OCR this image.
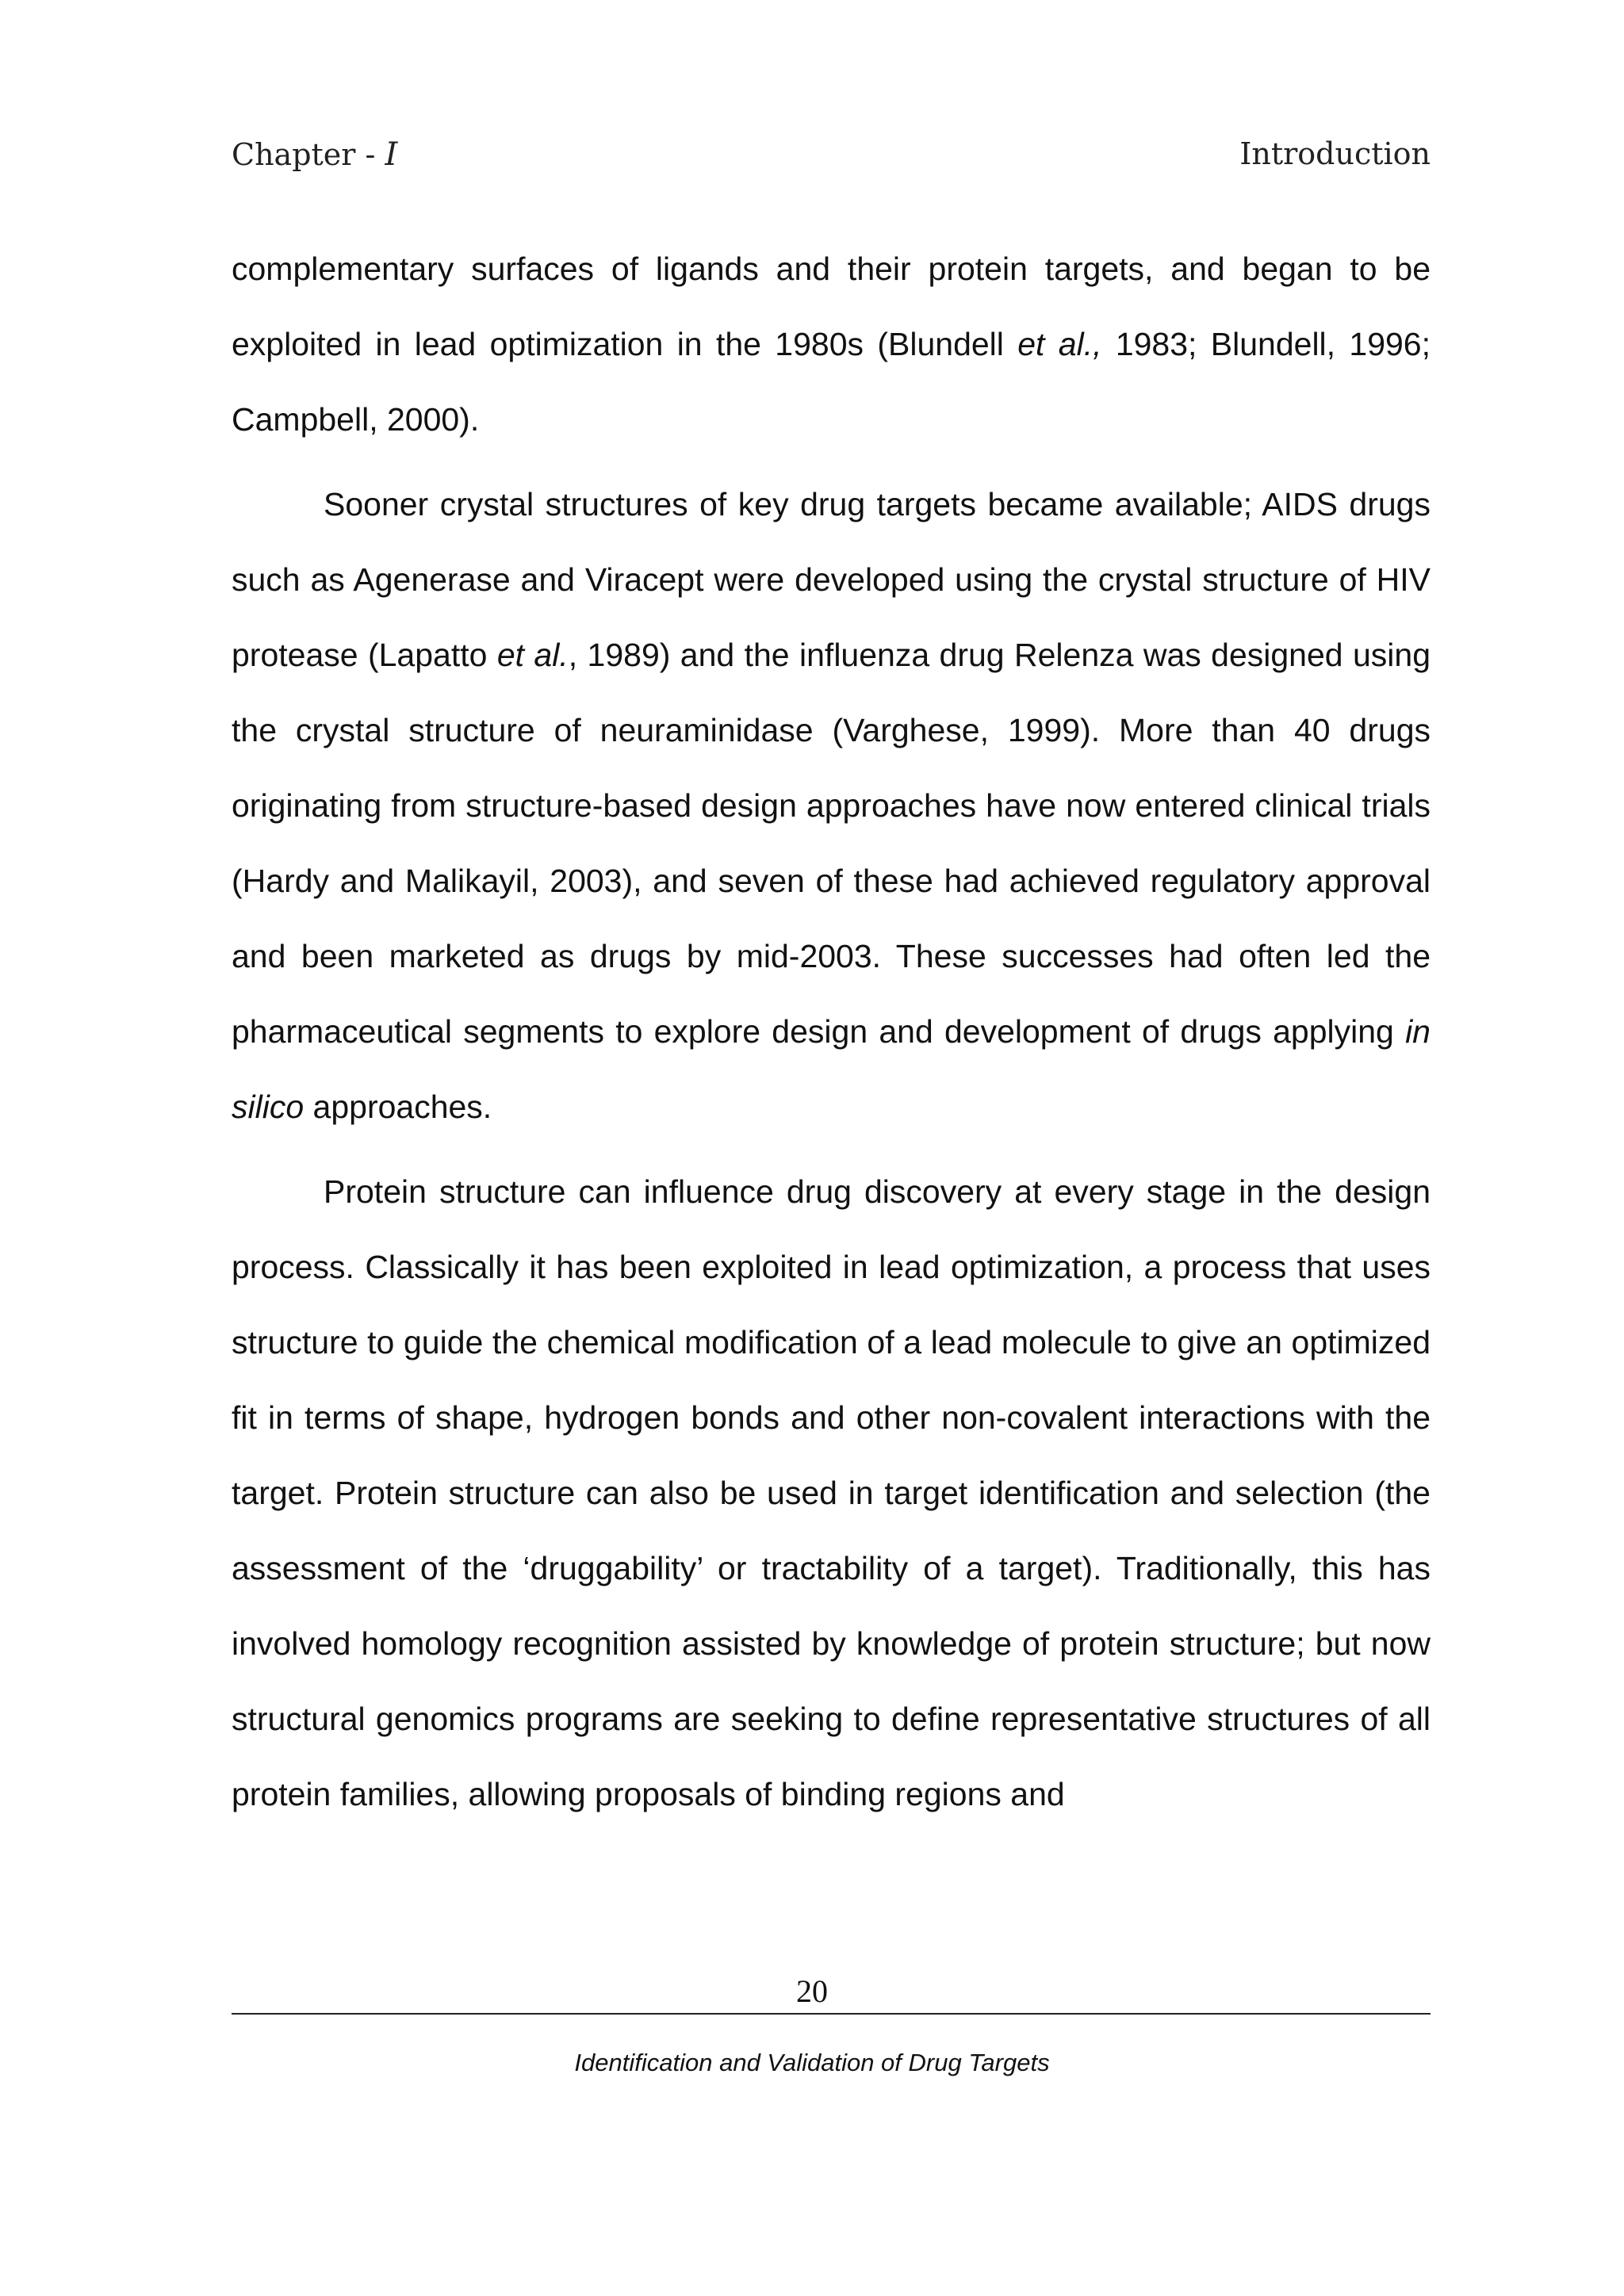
Chapter - I	Introduction

complementary surfaces of ligands and their protein targets, and began to be exploited in lead optimization in the 1980s (Blundell et al., 1983; Blundell, 1996; Campbell, 2000).

Sooner crystal structures of key drug targets became available; AIDS drugs such as Agenerase and Viracept were developed using the crystal structure of HIV protease (Lapatto et al., 1989) and the influenza drug Relenza was designed using the crystal structure of neuraminidase (Varghese, 1999). More than 40 drugs originating from structure-based design approaches have now entered clinical trials (Hardy and Malikayil, 2003), and seven of these had achieved regulatory approval and been marketed as drugs by mid-2003. These successes had often led the pharmaceutical segments to explore design and development of drugs applying in silico approaches.

Protein structure can influence drug discovery at every stage in the design process. Classically it has been exploited in lead optimization, a process that uses structure to guide the chemical modification of a lead molecule to give an optimized fit in terms of shape, hydrogen bonds and other non-covalent interactions with the target. Protein structure can also be used in target identification and selection (the assessment of the ‘druggability’ or tractability of a target). Traditionally, this has involved homology recognition assisted by knowledge of protein structure; but now structural genomics programs are seeking to define representative structures of all protein families, allowing proposals of binding regions and

20
Identification and Validation of Drug Targets
